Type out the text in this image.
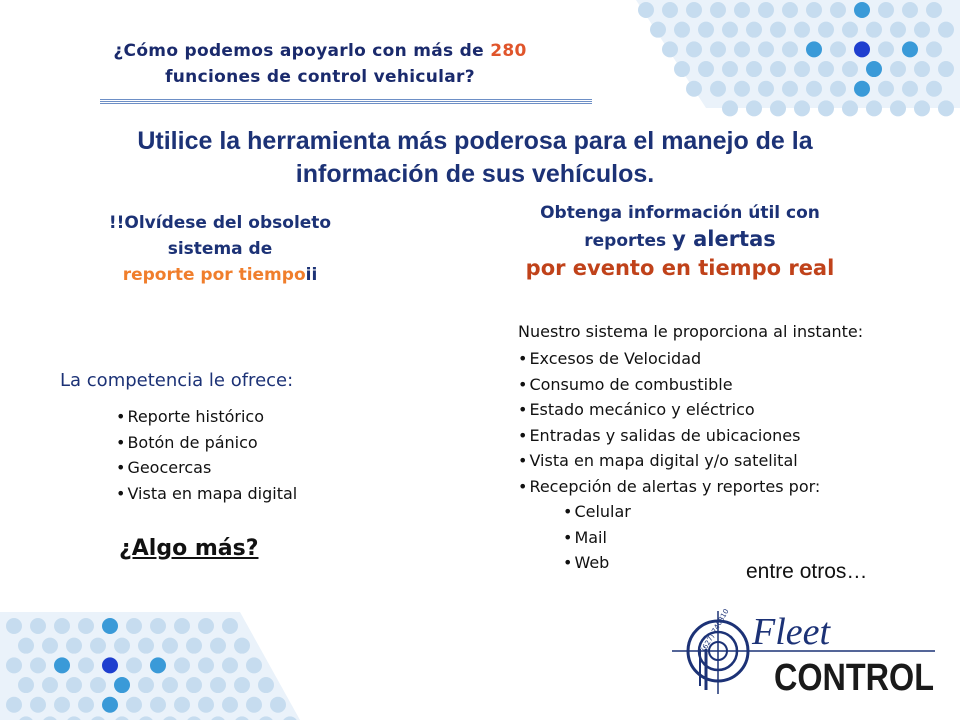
¿Cómo podemos apoyarlo con más de 280
funciones de control vehicular?
Utilice la herramienta más poderosa para el manejo de la
información de sus vehículos.
!!Olvídese del obsoleto
sistema de
reporte por tiempoii
Obtenga información útil con
reportes y alertas
por evento en tiempo real
La competencia le ofrece:
• Reporte histórico
• Botón de pánico
• Geocercas
• Vista en mapa digital
¿Algo más?
Nuestro sistema le proporciona al instante:
• Excesos de Velocidad
• Consumo de combustible
• Estado mecánico y eléctrico
• Entradas y salidas de ubicaciones
• Vista en mapa digital y/o satelital
• Recepción de alertas y reportes por:
• Celular
• Mail
• Web	entre otros…
(627) 740810 Fleet
CONTROL
